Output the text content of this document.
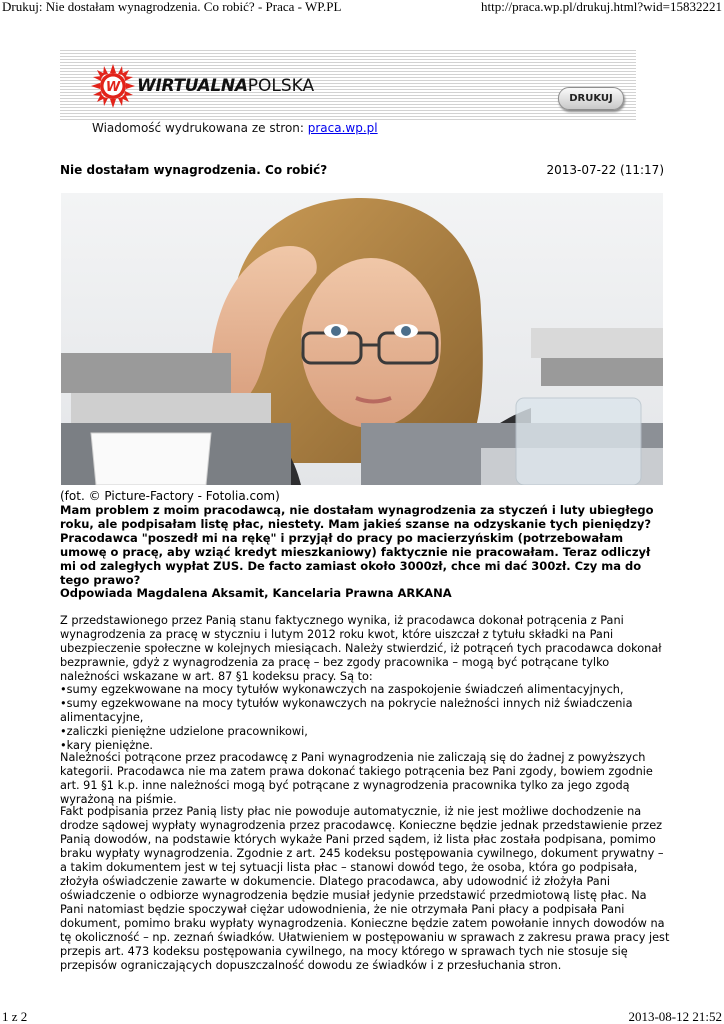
Drukuj: Nie dostałam wynagrodzenia. Co robić? - Praca - WP.PL	http://praca.wp.pl/drukuj.html?wid=15832221
W WIRTUALNAPOLSKA
DRUKUJ
Wiadomość wydrukowana ze stron: praca.wp.pl
Nie dostałam wynagrodzenia. Co robić?	2013-07-22 (11:17)
(fot. © Picture-Factory - Fotolia.com)
Mam problem z moim pracodawcą, nie dostałam wynagrodzenia za styczeń i luty ubiegłego roku, ale podpisałam listę płac, niestety. Mam jakieś szanse na odzyskanie tych pieniędzy? Pracodawca "poszedł mi na rękę" i przyjął do pracy po macierzyńskim (potrzebowałam umowę o pracę, aby wziąć kredyt mieszkaniowy) faktycznie nie pracowałam. Teraz odliczył mi od zaległych wypłat ZUS. De facto zamiast około 3000zł, chce mi dać 300zł. Czy ma do tego prawo?
Odpowiada Magdalena Aksamit, Kancelaria Prawna ARKANA

Z przedstawionego przez Panią stanu faktycznego wynika, iż pracodawca dokonał potrącenia z Pani wynagrodzenia za pracę w styczniu i lutym 2012 roku kwot, które uiszczał z tytułu składki na Pani ubezpieczenie społeczne w kolejnych miesiącach. Należy stwierdzić, iż potrąceń tych pracodawca dokonał bezprawnie, gdyż z wynagrodzenia za pracę – bez zgody pracownika – mogą być potrącane tylko należności wskazane w art. 87 §1 kodeksu pracy. Są to:

• sumy egzekwowane na mocy tytułów wykonawczych na zaspokojenie świadczeń alimentacyjnych,
• sumy egzekwowane na mocy tytułów wykonawczych na pokrycie należności innych niż świadczenia alimentacyjne,
• zaliczki pieniężne udzielone pracownikowi,
• kary pieniężne.

Należności potrącone przez pracodawcę z Pani wynagrodzenia nie zaliczają się do żadnej z powyższych kategorii. Pracodawca nie ma zatem prawa dokonać takiego potrącenia bez Pani zgody, bowiem zgodnie art. 91 §1 k.p. inne należności mogą być potrącane z wynagrodzenia pracownika tylko za jego zgodą wyrażoną na piśmie.

Fakt podpisania przez Panią listy płac nie powoduje automatycznie, iż nie jest możliwe dochodzenie na drodze sądowej wypłaty wynagrodzenia przez pracodawcę. Konieczne będzie jednak przedstawienie przez Panią dowodów, na podstawie których wykaże Pani przed sądem, iż lista płac została podpisana, pomimo braku wypłaty wynagrodzenia. Zgodnie z art. 245 kodeksu postępowania cywilnego, dokument prywatny – a takim dokumentem jest w tej sytuacji lista płac – stanowi dowód tego, że osoba, która go podpisała, złożyła oświadczenie zawarte w dokumencie. Dlatego pracodawca, aby udowodnić iż złożyła Pani oświadczenie o odbiorze wynagrodzenia będzie musiał jedynie przedstawić przedmiotową listę płac. Na Pani natomiast będzie spoczywał ciężar udowodnienia, że nie otrzymała Pani płacy a podpisała Pani dokument, pomimo braku wypłaty wynagrodzenia. Konieczne będzie zatem powołanie innych dowodów na tę okoliczność – np. zeznań świadków. Ułatwieniem w postępowaniu w sprawach z zakresu prawa pracy jest przepis art. 473 kodeksu postępowania cywilnego, na mocy którego w sprawach tych nie stosuje się przepisów ograniczających dopuszczalność dowodu ze świadków i z przesłuchania stron.

1 z 2	2013-08-12 21:52
